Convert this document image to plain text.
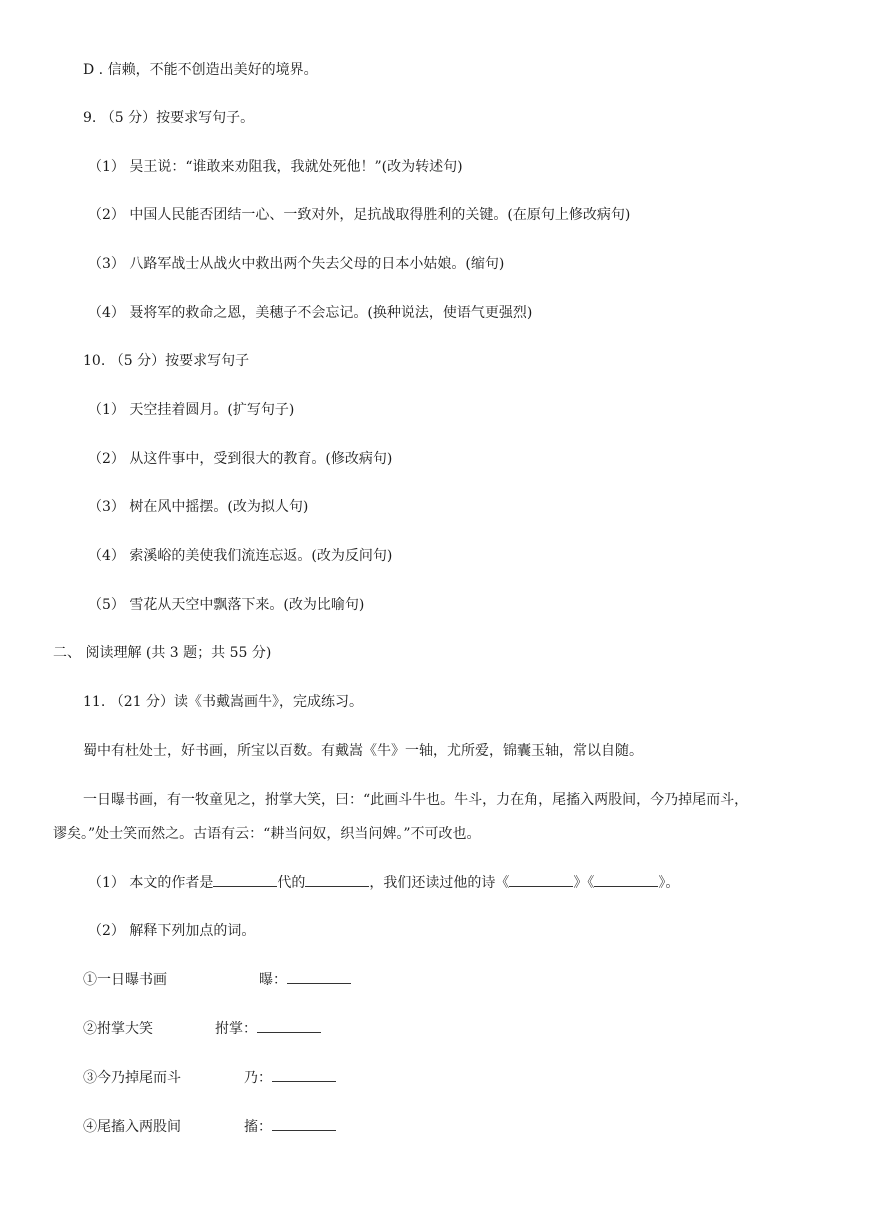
D . 信赖，不能不创造出美好的境界。
9. （5 分）按要求写句子。
（1） 吴王说：“谁敢来劝阻我，我就处死他！”(改为转述句)
（2） 中国人民能否团结一心、一致对外，足抗战取得胜利的关键。(在原句上修改病句)
（3） 八路军战士从战火中救出两个失去父母的日本小姑娘。(缩句)
（4） 聂将军的救命之恩，美穗子不会忘记。(换种说法，使语气更强烈)
10. （5 分）按要求写句子
（1） 天空挂着圆月。(扩写句子)
（2） 从这件事中，受到很大的教育。(修改病句)
（3） 树在风中摇摆。(改为拟人句)
（4） 索溪峪的美使我们流连忘返。(改为反问句)
（5） 雪花从天空中飘落下来。(改为比喻句)
二、 阅读理解 (共 3 题；共 55 分)
11. （21 分）读《书戴嵩画牛》，完成练习。
蜀中有杜处士，好书画，所宝以百数。有戴嵩《牛》一轴，尤所爱，锦囊玉轴，常以自随。
一日曝书画，有一牧童见之，拊掌大笑，曰：“此画斗牛也。牛斗，力在角，尾搐入两股间，今乃掉尾而斗，
谬矣。”处士笑而然之。古语有云：“耕当问奴，织当问婢。”不可改也。
（1） 本文的作者是	代的	，我们还读过他的诗《	》《	》。
（2） 解释下列加点的词。
①一日曝书画	曝：
②拊掌大笑	拊掌：
③今乃掉尾而斗	乃：
④尾搐入两股间	搐：
